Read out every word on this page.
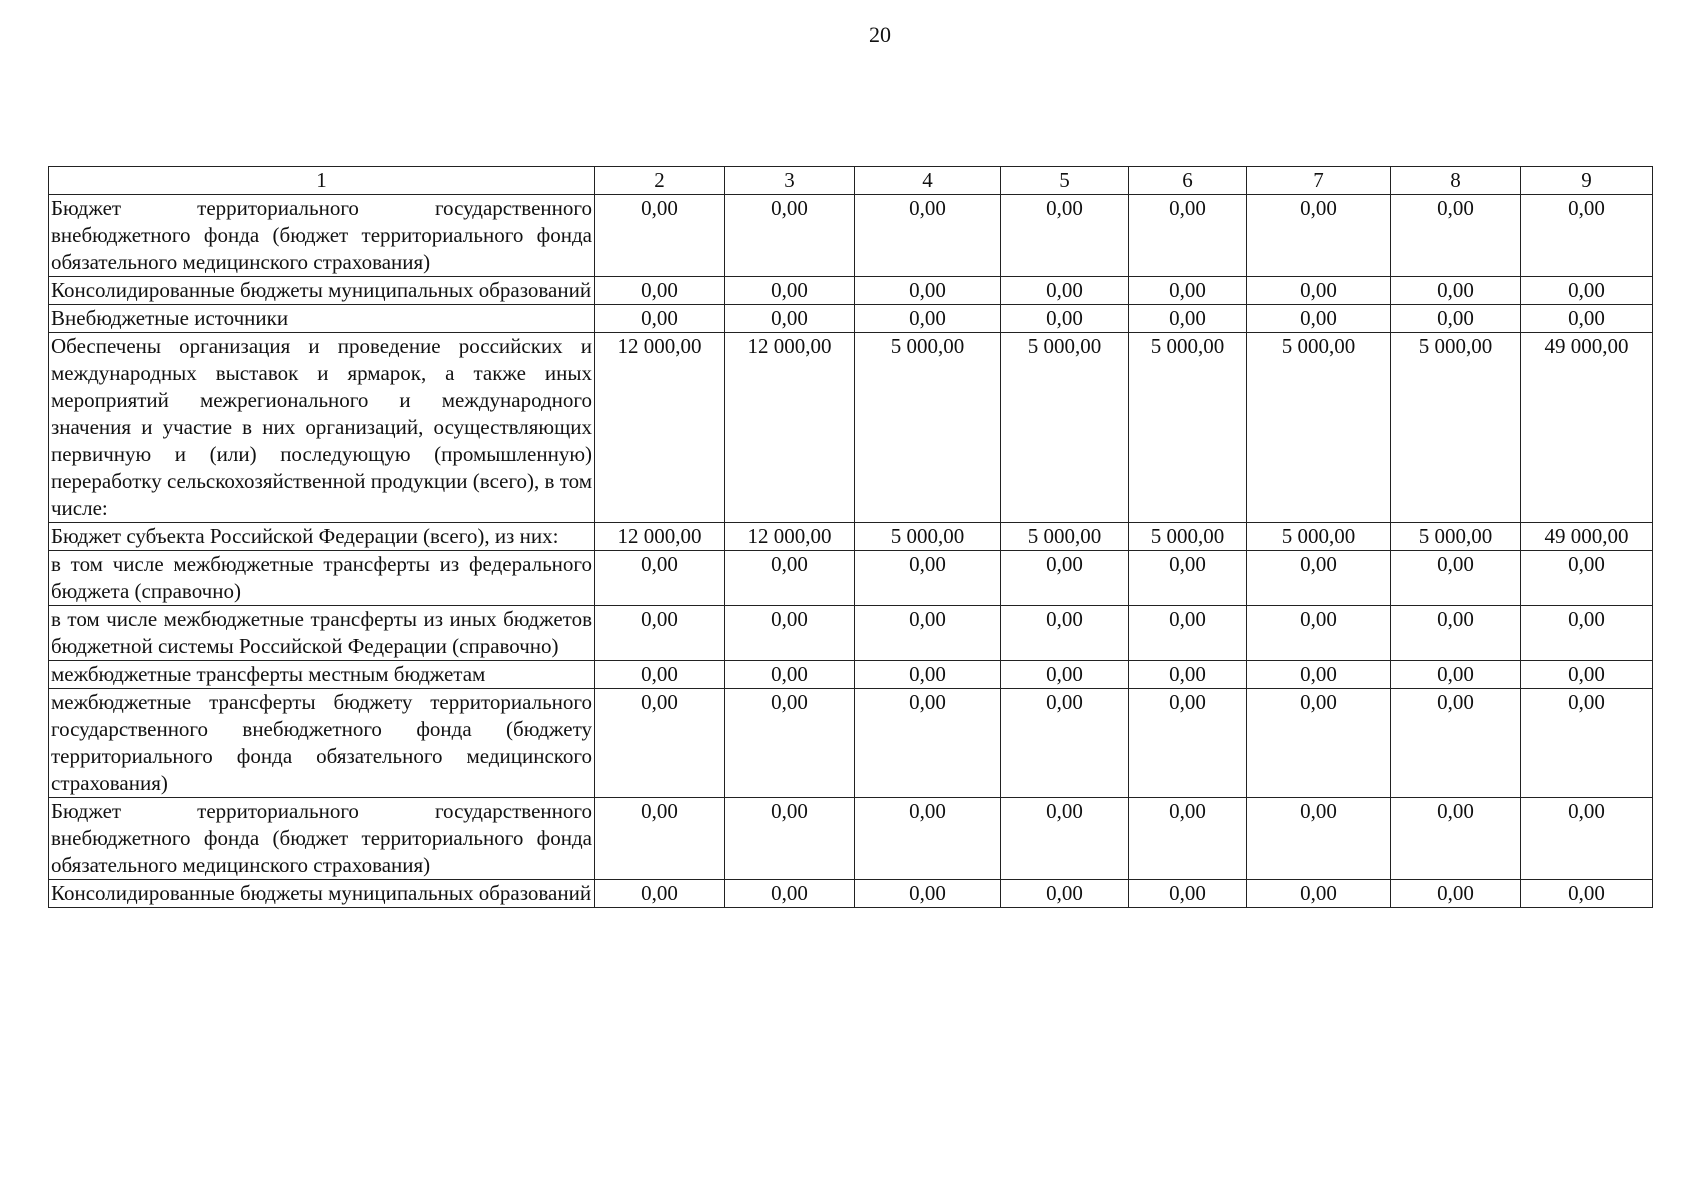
20
1	2	3	4	5	6	7	8	9
Бюджет территориального государственного внебюджетного фонда (бюджет территориального фонда обязательного медицинского страхования)	0,00	0,00	0,00	0,00	0,00	0,00	0,00	0,00
Консолидированные бюджеты муниципальных образований	0,00	0,00	0,00	0,00	0,00	0,00	0,00	0,00
Внебюджетные источники	0,00	0,00	0,00	0,00	0,00	0,00	0,00	0,00
Обеспечены организация и проведение российских и международных выставок и ярмарок, а также иных мероприятий межрегионального и международного значения и участие в них организаций, осуществляющих первичную и (или) последующую (промышленную) переработку сельскохозяйственной продукции (всего), в том числе:	12 000,00	12 000,00	5 000,00	5 000,00	5 000,00	5 000,00	5 000,00	49 000,00
Бюджет субъекта Российской Федерации (всего), из них:	12 000,00	12 000,00	5 000,00	5 000,00	5 000,00	5 000,00	5 000,00	49 000,00
в том числе межбюджетные трансферты из федерального бюджета (справочно)	0,00	0,00	0,00	0,00	0,00	0,00	0,00	0,00
в том числе межбюджетные трансферты из иных бюджетов бюджетной системы Российской Федерации (справочно)	0,00	0,00	0,00	0,00	0,00	0,00	0,00	0,00
межбюджетные трансферты местным бюджетам	0,00	0,00	0,00	0,00	0,00	0,00	0,00	0,00
межбюджетные трансферты бюджету территориального государственного внебюджетного фонда (бюджету территориального фонда обязательного медицинского страхования)	0,00	0,00	0,00	0,00	0,00	0,00	0,00	0,00
Бюджет территориального государственного внебюджетного фонда (бюджет территориального фонда обязательного медицинского страхования)	0,00	0,00	0,00	0,00	0,00	0,00	0,00	0,00
Консолидированные бюджеты муниципальных образований	0,00	0,00	0,00	0,00	0,00	0,00	0,00	0,00
